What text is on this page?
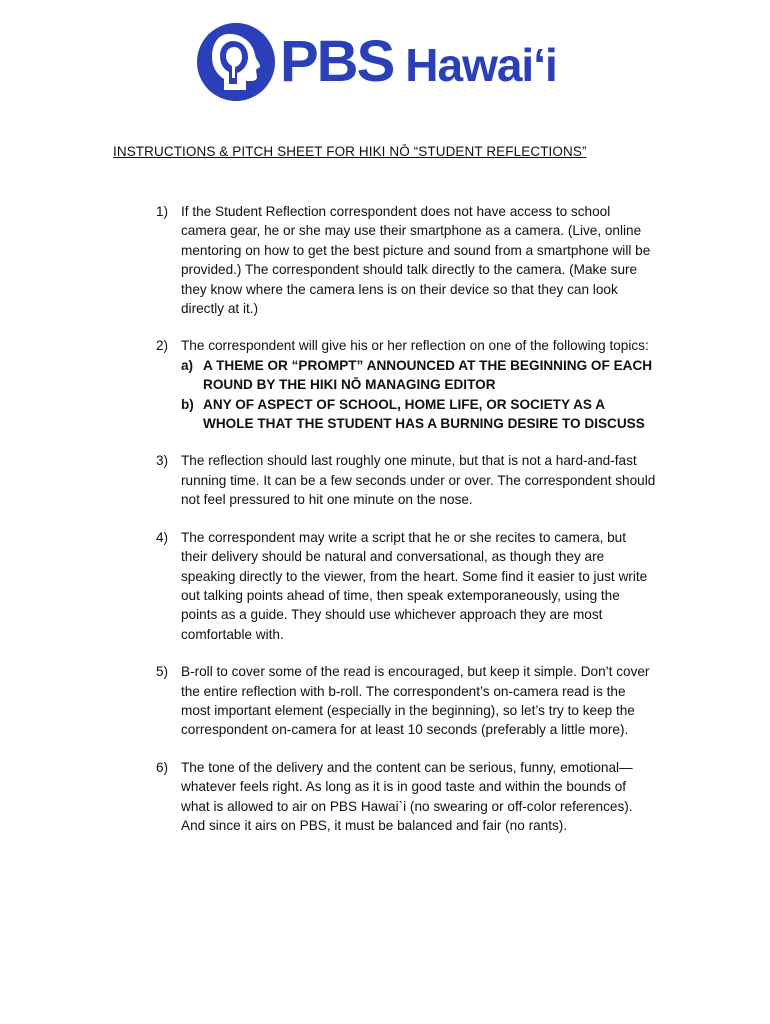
PBS Hawaiʻi
INSTRUCTIONS & PITCH SHEET FOR HIKI NŌ “STUDENT REFLECTIONS”
1) If the Student Reflection correspondent does not have access to school camera gear, he or she may use their smartphone as a camera. (Live, online mentoring on how to get the best picture and sound from a smartphone will be provided.) The correspondent should talk directly to the camera. (Make sure they know where the camera lens is on their device so that they can look directly at it.)
2) The correspondent will give his or her reflection on one of the following topics:
a) A THEME OR “PROMPT” ANNOUNCED AT THE BEGINNING OF EACH ROUND BY THE HIKI NŌ MANAGING EDITOR
b) ANY OF ASPECT OF SCHOOL, HOME LIFE, OR SOCIETY AS A WHOLE THAT THE STUDENT HAS A BURNING DESIRE TO DISCUSS
3) The reflection should last roughly one minute, but that is not a hard-and-fast running time. It can be a few seconds under or over. The correspondent should not feel pressured to hit one minute on the nose.
4) The correspondent may write a script that he or she recites to camera, but their delivery should be natural and conversational, as though they are speaking directly to the viewer, from the heart. Some find it easier to just write out talking points ahead of time, then speak extemporaneously, using the points as a guide. They should use whichever approach they are most comfortable with.
5) B-roll to cover some of the read is encouraged, but keep it simple. Don’t cover the entire reflection with b-roll. The correspondent’s on-camera read is the most important element (especially in the beginning), so let’s try to keep the correspondent on-camera for at least 10 seconds (preferably a little more).
6) The tone of the delivery and the content can be serious, funny, emotional—whatever feels right. As long as it is in good taste and within the bounds of what is allowed to air on PBS Hawai`i (no swearing or off-color references). And since it airs on PBS, it must be balanced and fair (no rants).
